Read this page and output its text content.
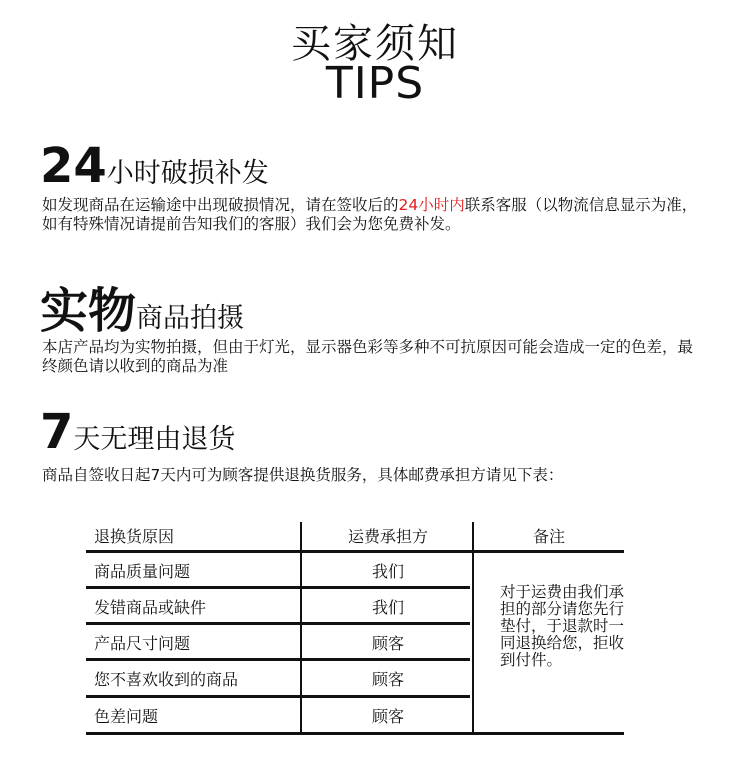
买家须知
TIPS
24小时破损补发
如发现商品在运输途中出现破损情况，请在签收后的24小时内联系客服（以物流信息显示为准，如有特殊情况请提前告知我们的客服）我们会为您免费补发。
实物商品拍摄
本店产品均为实物拍摄，但由于灯光，显示器色彩等多种不可抗原因可能会造成一定的色差，最终颜色请以收到的商品为准
7天无理由退货
商品自签收日起7天内可为顾客提供退换货服务，具体邮费承担方请见下表：
退换货原因	运费承担方	备注
商品质量问题	我们
发错商品或缺件	我们
产品尺寸问题	顾客
您不喜欢收到的商品	顾客
色差问题	顾客
对于运费由我们承担的部分请您先行垫付，于退款时一同退换给您，拒收到付件。
